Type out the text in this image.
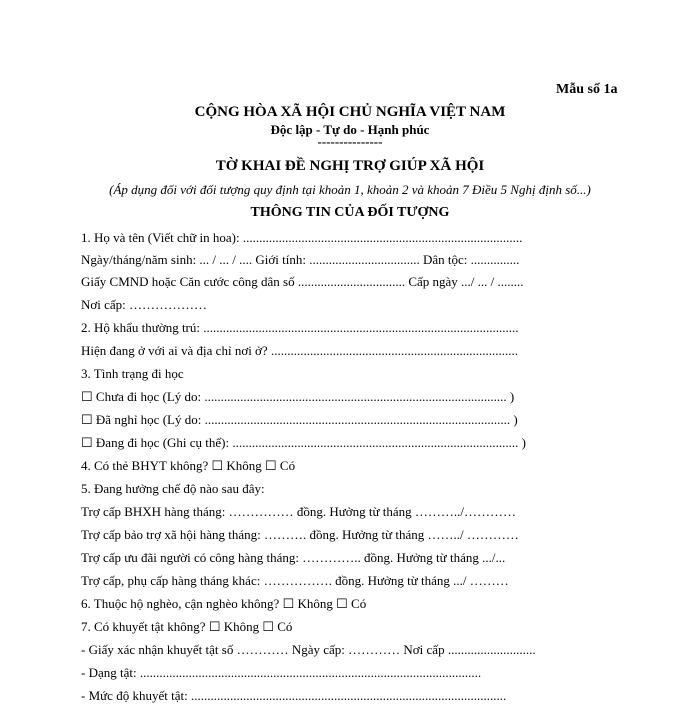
Mẫu số 1a
CỘNG HÒA XÃ HỘI CHỦ NGHĨA VIỆT NAM
Độc lập - Tự do - Hạnh phúc
---------------
TỜ KHAI ĐỀ NGHỊ TRỢ GIÚP XÃ HỘI
(Áp dụng đối với đối tượng quy định tại khoản 1, khoản 2 và khoản 7 Điều 5 Nghị định số...)
THÔNG TIN CỦA ĐỐI TƯỢNG
1. Họ và tên (Viết chữ in hoa): ......................................................................................
Ngày/tháng/năm sinh: ... / ... / .... Giới tính: .................................. Dân tộc: ...............
Giấy CMND hoặc Căn cước công dân số ................................. Cấp ngày .../ ... / ........
Nơi cấp: ………………
2. Hộ khẩu thường trú: .................................................................................................
Hiện đang ở với ai và địa chỉ nơi ở? ............................................................................
3. Tình trạng đi học
☐ Chưa đi học (Lý do: ............................................................................................. )
☐ Đã nghỉ học (Lý do: .............................................................................................. )
☐ Đang đi học (Ghi cụ thể): ........................................................................................ )
4. Có thẻ BHYT không? ☐ Không ☐ Có
5. Đang hưởng chế độ nào sau đây:
Trợ cấp BHXH hàng tháng: …………… đồng. Hưởng từ tháng ………../…………
Trợ cấp bảo trợ xã hội hàng tháng: ………. đồng. Hưởng từ tháng ……../ …………
Trợ cấp ưu đãi người có công hàng tháng: ………….. đồng. Hưởng từ tháng .../...
Trợ cấp, phụ cấp hàng tháng khác: ……………. đồng. Hưởng từ tháng .../ ………
6. Thuộc hộ nghèo, cận nghèo không? ☐ Không ☐ Có
7. Có khuyết tật không? ☐ Không ☐ Có
- Giấy xác nhận khuyết tật số ………… Ngày cấp: ………… Nơi cấp ...........................
- Dạng tật: .........................................................................................................
- Mức độ khuyết tật: .................................................................................................
